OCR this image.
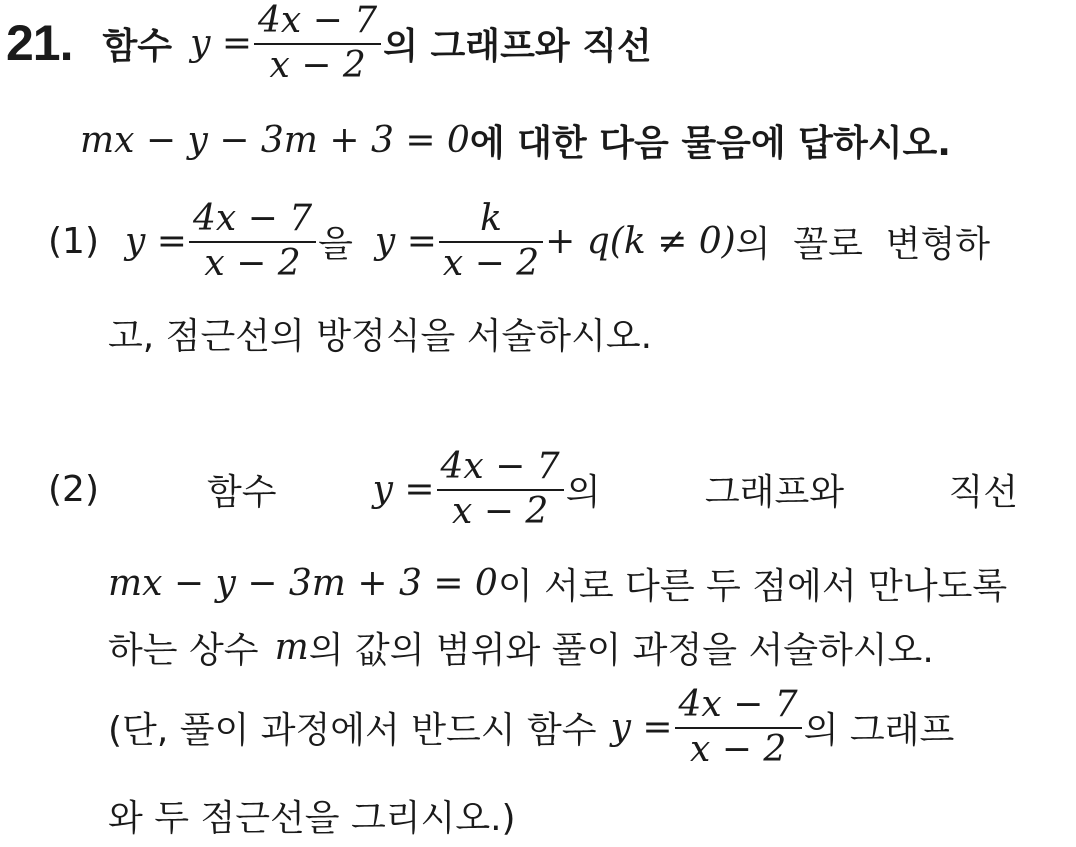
21. 함수 $y = \frac{4x - 7}{x - 2}$ 의 그래프와 직선
mx − y − 3m + 3 = 0 에 대한 다음 물음에 답하시오.
(1) $y = \frac{4x - 7}{x - 2}$ 을 $y = \frac{k}{x - 2} + q(k \ne 0)$ 의  꼴로  변형하
고, 점근선의 방정식을 서술하시오.
(2)	함수	$y = \frac{4x - 7}{x - 2}$ 의	그래프와	직선
mx − y − 3m + 3 = 0 이 서로 다른 두 점에서 만나도록
하는 상수 m 의 값의 범위와 풀이 과정을 서술하시오.
(단, 풀이 과정에서 반드시 함수 $y = \frac{4x - 7}{x - 2}$ 의 그래프
와 두 점근선을 그리시오.)
